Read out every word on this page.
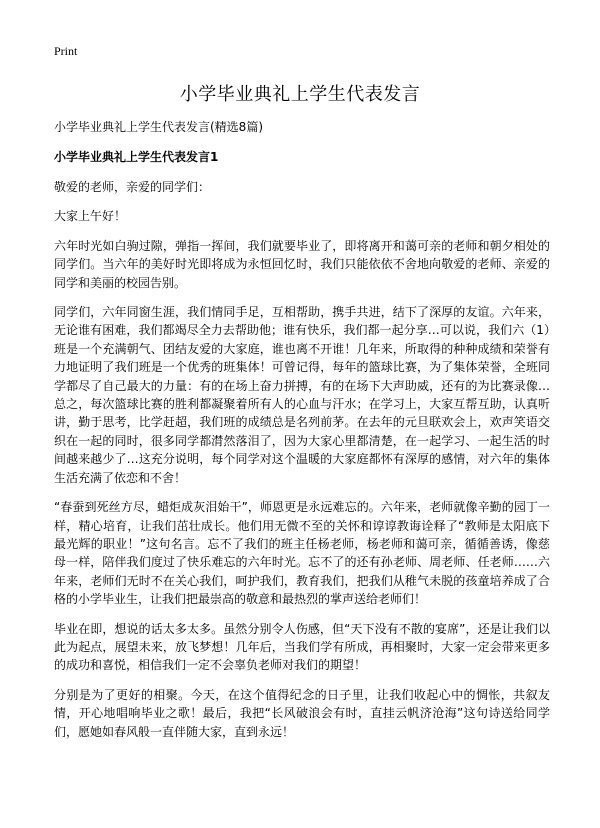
Print
小学毕业典礼上学生代表发言

小学毕业典礼上学生代表发言(精选8篇)

小学毕业典礼上学生代表发言1

敬爱的老师，亲爱的同学们：

大家上午好！

六年时光如白驹过隙，弹指一挥间，我们就要毕业了，即将离开和蔼可亲的老师和朝夕相处的同学们。当六年的美好时光即将成为永恒回忆时，我们只能依依不舍地向敬爱的老师、亲爱的同学和美丽的校园告别。

同学们，六年同窗生涯，我们情同手足，互相帮助，携手共进，结下了深厚的友谊。六年来，无论谁有困难，我们都竭尽全力去帮助他；谁有快乐，我们都一起分享…可以说，我们六（1）班是一个充满朝气、团结友爱的大家庭，谁也离不开谁！几年来，所取得的种种成绩和荣誉有力地证明了我们班是一个优秀的班集体！可曾记得，每年的篮球比赛，为了集体荣誉，全班同学都尽了自己最大的力量：有的在场上奋力拼搏，有的在场下大声助威，还有的为比赛录像…总之，每次篮球比赛的胜利都凝聚着所有人的心血与汗水；在学习上，大家互帮互助，认真听讲，勤于思考，比学赶超，我们班的成绩总是名列前茅。在去年的元旦联欢会上，欢声笑语交织在一起的同时，很多同学都潸然落泪了，因为大家心里都清楚，在一起学习、一起生活的时间越来越少了…这充分说明，每个同学对这个温暖的大家庭都怀有深厚的感情，对六年的集体生活充满了依恋和不舍！

“春蚕到死丝方尽，蜡炬成灰泪始干”，师恩更是永远难忘的。六年来，老师就像辛勤的园丁一样，精心培育，让我们茁壮成长。他们用无微不至的关怀和谆谆教诲诠释了“教师是太阳底下最光辉的职业！”这句名言。忘不了我们的班主任杨老师，杨老师和蔼可亲，循循善诱，像慈母一样，陪伴我们度过了快乐难忘的六年时光。忘不了的还有孙老师、周老师、任老师……六年来，老师们无时不在关心我们，呵护我们，教育我们，把我们从稚气未脱的孩童培养成了合格的小学毕业生，让我们把最崇高的敬意和最热烈的掌声送给老师们！

毕业在即，想说的话太多太多。虽然分别令人伤感，但“天下没有不散的宴席”，还是让我们以此为起点，展望未来，放飞梦想！几年后，当我们学有所成，再相聚时，大家一定会带来更多的成功和喜悦，相信我们一定不会辜负老师对我们的期望！

分别是为了更好的相聚。今天，在这个值得纪念的日子里，让我们收起心中的惆怅，共叙友情，开心地唱响毕业之歌！最后，我把“长风破浪会有时，直挂云帆济沧海”这句诗送给同学们，愿她如春风般一直伴随大家，直到永远！
